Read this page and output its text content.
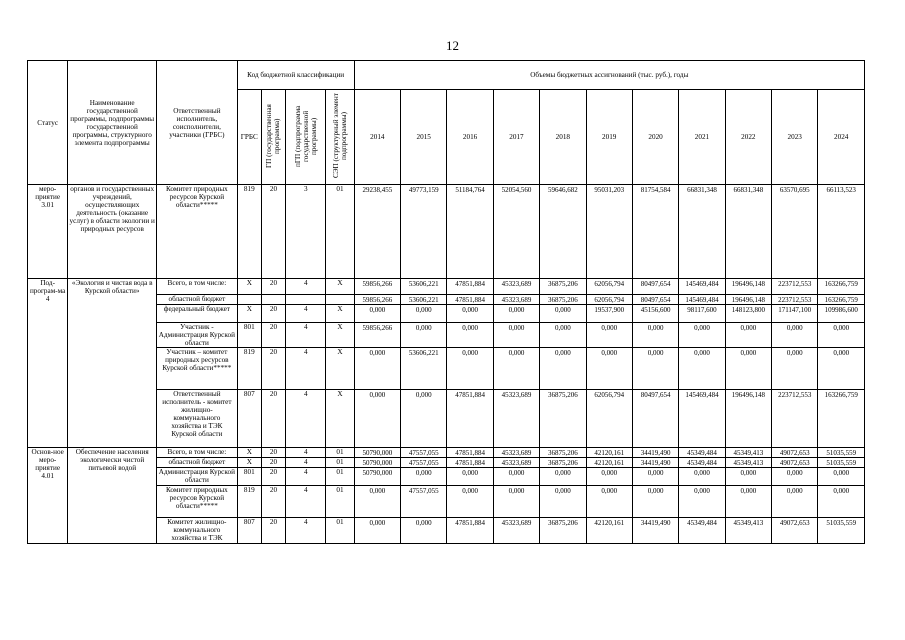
12
Статус	Наименование государственной программы, подпрограммы государственной программы, структурного элемента подпрограммы	Ответственный исполнитель, соисполнители, участники (ГРБС)	Код бюджетной классификации				Объемы бюджетных ассигнований (тыс. руб.), годы										
			ГРБС	ГП (государственная программа)	пГП (подпрограмма государственной программы)	СЭП (структурный элемент подпрограммы)	2014	2015	2016	2017	2018	2019	2020	2021	2022	2023	2024
меро-приятие 3.01	органов и государственных учреждений, осуществляющих деятельность (оказание услуг) в области экологии и природных ресурсов	Комитет природных ресурсов Курской области*****	819	20	3	01	29238,455	49773,159	51184,764	52054,560	59646,682	95031,203	81754,584	66831,348	66831,348	63570,695	66113,523
Под-програм-ма 4	«Экология и чистая вода в Курской области»	Всего, в том числе:	Х	20	4	Х	59856,266	53606,221	47851,884	45323,689	36875,206	62056,794	80497,654	145469,484	196496,148	223712,553	163266,759
		областной бюджет					59856,266	53606,221	47851,884	45323,689	36875,206	62056,794	80497,654	145469,484	196496,148	223712,553	163266,759
		федеральный бюджет	Х	20	4	Х	0,000	0,000	0,000	0,000	0,000	19537,900	45156,600	98117,600	148123,800	171147,100	109986,600
		Участник - Администрация Курской области	801	20	4	Х	59856,266	0,000	0,000	0,000	0,000	0,000	0,000	0,000	0,000	0,000	0,000
		Участник – комитет природных ресурсов Курской области*****	819	20	4	Х	0,000	53606,221	0,000	0,000	0,000	0,000	0,000	0,000	0,000	0,000	0,000
		Ответственный исполнитель - комитет жилищно-коммунального хозяйства и ТЭК Курской области	807	20	4	Х	0,000	0,000	47851,884	45323,689	36875,206	62056,794	80497,654	145469,484	196496,148	223712,553	163266,759
Основ-ное меро-приятие 4.01	Обеспечение населения экологически чистой питьевой водой	Всего, в том числе:	Х	20	4	01	50790,000	47557,055	47851,884	45323,689	36875,206	42120,161	34419,490	45349,484	45349,413	49072,653	51035,559
		областной бюджет	Х	20	4	01	50790,000	47557,055	47851,884	45323,689	36875,206	42120,161	34419,490	45349,484	45349,413	49072,653	51035,559
		Администрация Курской области	801	20	4	01	50790,000	0,000	0,000	0,000	0,000	0,000	0,000	0,000	0,000	0,000	0,000
		Комитет природных ресурсов Курской области*****	819	20	4	01	0,000	47557,055	0,000	0,000	0,000	0,000	0,000	0,000	0,000	0,000	0,000
		Комитет жилищно-коммунального хозяйства и ТЭК	807	20	4	01	0,000	0,000	47851,884	45323,689	36875,206	42120,161	34419,490	45349,484	45349,413	49072,653	51035,559
